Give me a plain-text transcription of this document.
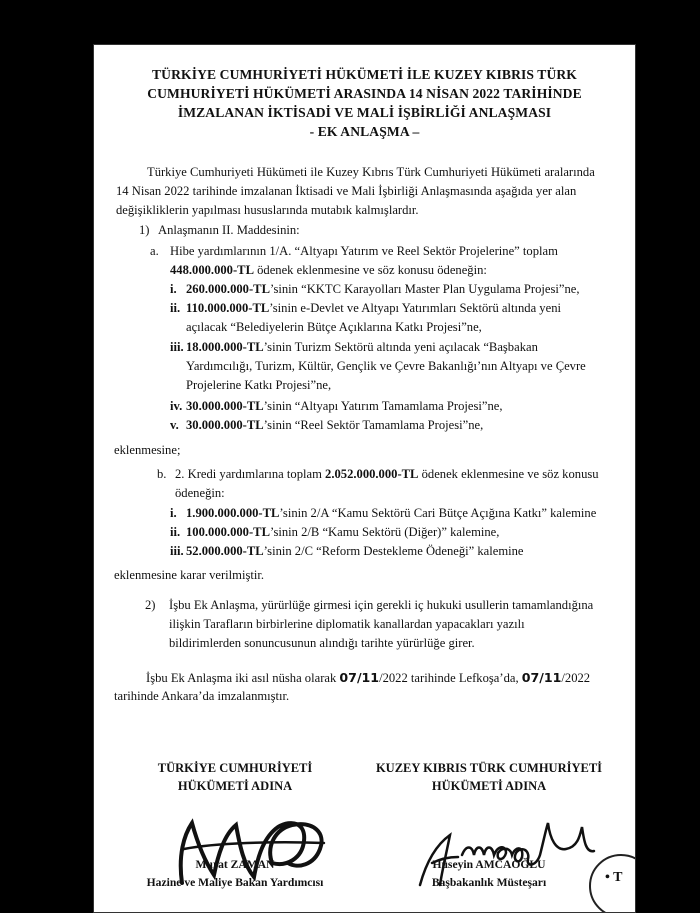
TÜRKİYE CUMHURİYETİ HÜKÜMETİ İLE KUZEY KIBRIS TÜRK
CUMHURİYETİ HÜKÜMETİ ARASINDA 14 NİSAN 2022 TARİHİNDE
İMZALANAN İKTİSADİ VE MALİ İŞBİRLİĞİ ANLAŞMASI
- EK ANLAŞMA –
Türkiye Cumhuriyeti Hükümeti ile Kuzey Kıbrıs Türk Cumhuriyeti Hükümeti aralarında
14 Nisan 2022 tarihinde imzalanan İktisadi ve Mali İşbirliği Anlaşmasında aşağıda yer alan
değişikliklerin yapılması hususlarında mutabık kalmışlardır.
1) Anlaşmanın II. Maddesinin:
a. Hibe yardımlarının 1/A. “Altyapı Yatırım ve Reel Sektör Projelerine” toplam
448.000.000-TL ödenek eklenmesine ve söz konusu ödeneğin:
i. 260.000.000-TL’sinin “KKTC Karayolları Master Plan Uygulama Projesi”ne,
ii. 110.000.000-TL’sinin e-Devlet ve Altyapı Yatırımları Sektörü altında yeni
açılacak “Belediyelerin Bütçe Açıklarına Katkı Projesi”ne,
iii. 18.000.000-TL’sinin Turizm Sektörü altında yeni açılacak “Başbakan
Yardımcılığı, Turizm, Kültür, Gençlik ve Çevre Bakanlığı’nın Altyapı ve Çevre
Projelerine Katkı Projesi”ne,
iv. 30.000.000-TL’sinin “Altyapı Yatırım Tamamlama Projesi”ne,
v. 30.000.000-TL’sinin “Reel Sektör Tamamlama Projesi”ne,
eklenmesine;
b. 2. Kredi yardımlarına toplam 2.052.000.000-TL ödenek eklenmesine ve söz konusu
ödeneğin:
i. 1.900.000.000-TL’sinin 2/A “Kamu Sektörü Cari Bütçe Açığına Katkı” kalemine
ii. 100.000.000-TL’sinin 2/B “Kamu Sektörü (Diğer)” kalemine,
iii. 52.000.000-TL’sinin 2/C “Reform Destekleme Ödeneği” kalemine
eklenmesine karar verilmiştir.
2) İşbu Ek Anlaşma, yürürlüğe girmesi için gerekli iç hukuki usullerin tamamlandığına
ilişkin Tarafların birbirlerine diplomatik kanallardan yapacakları yazılı
bildirimlerden sonuncusunun alındığı tarihte yürürlüğe girer.
İşbu Ek Anlaşma iki asıl nüsha olarak 07/11/2022 tarihinde Lefkoşa’da, 07/11/2022
tarihinde Ankara’da imzalanmıştır.
TÜRKİYE CUMHURİYETİ
HÜKÜMETİ ADINA
Murat ZAMAN
Hazine ve Maliye Bakan Yardımcısı
KUZEY KIBRIS TÜRK CUMHURİYETİ
HÜKÜMETİ ADINA
Hüseyin AMCAOĞLU
Başbakanlık Müsteşarı	• T
